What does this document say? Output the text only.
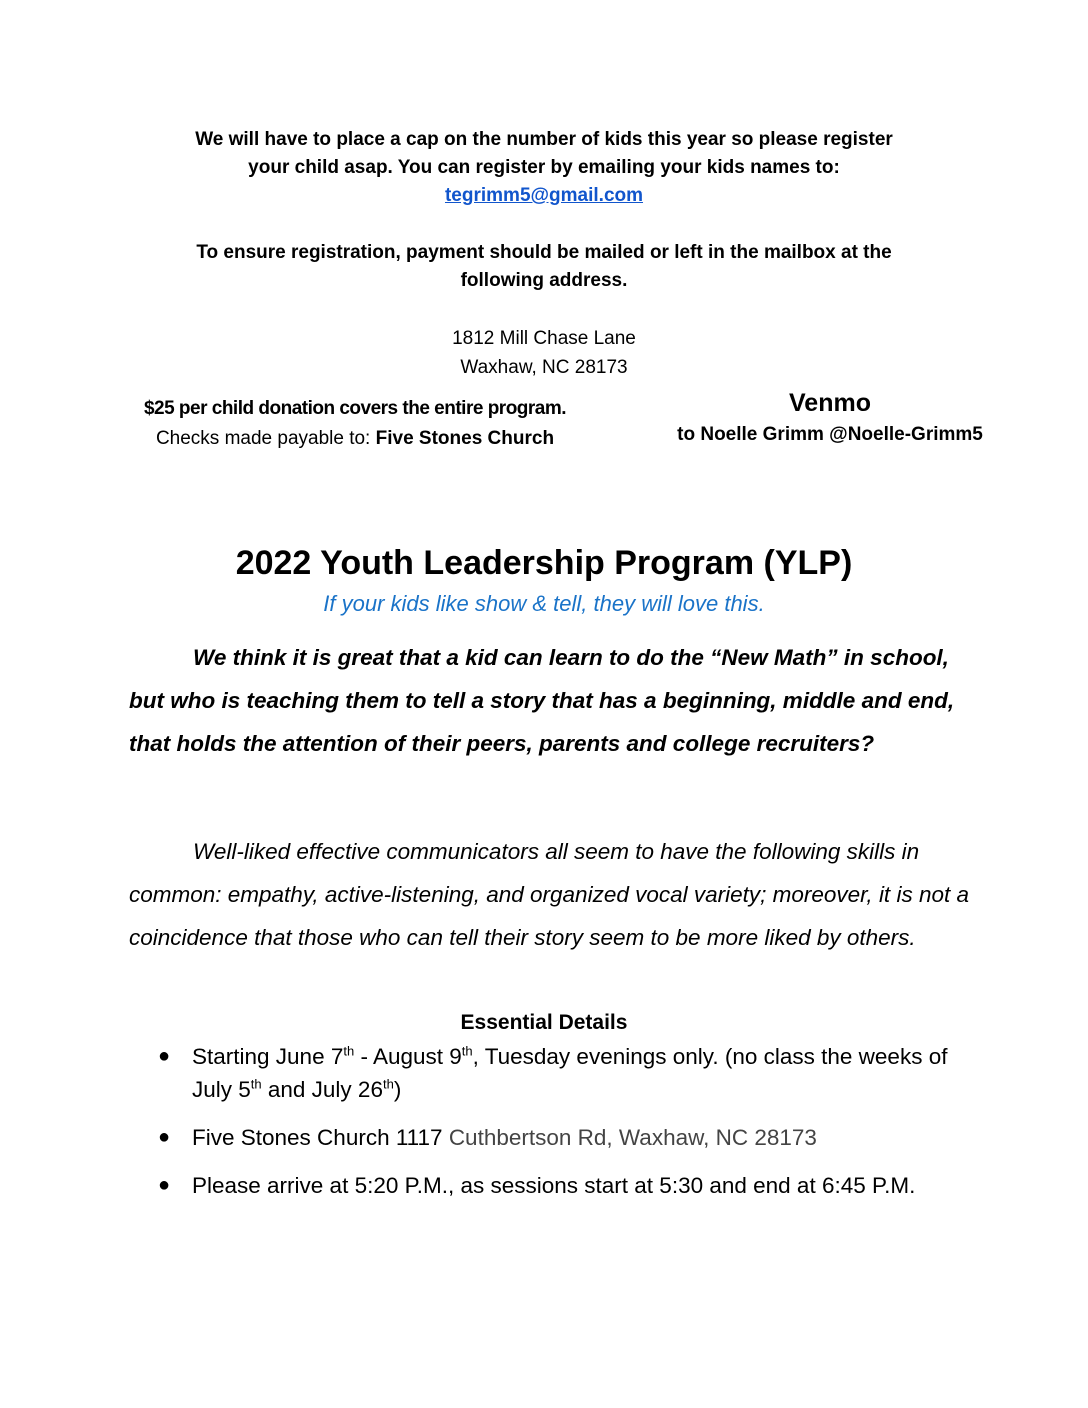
We will have to place a cap on the number of kids this year so please register
your child asap. You can register by emailing your kids names to:
tegrimm5@gmail.com
To ensure registration, payment should be mailed or left in the mailbox at the
following address.
1812 Mill Chase Lane
Waxhaw, NC 28173
$25 per child donation covers the entire program.
Checks made payable to: Five Stones Church
Venmo
to Noelle Grimm @Noelle-Grimm5
2022 Youth Leadership Program (YLP)
If your kids like show & tell, they will love this.
We think it is great that a kid can learn to do the “New Math” in school, but who is teaching them to tell a story that has a beginning, middle and end, that holds the attention of their peers, parents and college recruiters?
Well-liked effective communicators all seem to have the following skills in common: empathy, active-listening, and organized vocal variety; moreover, it is not a coincidence that those who can tell their story seem to be more liked by others.
Essential Details
● Starting June 7th - August 9th, Tuesday evenings only. (no class the weeks of July 5th and July 26th)
● Five Stones Church 1117 Cuthbertson Rd, Waxhaw, NC 28173
● Please arrive at 5:20 P.M., as sessions start at 5:30 and end at 6:45 P.M.
